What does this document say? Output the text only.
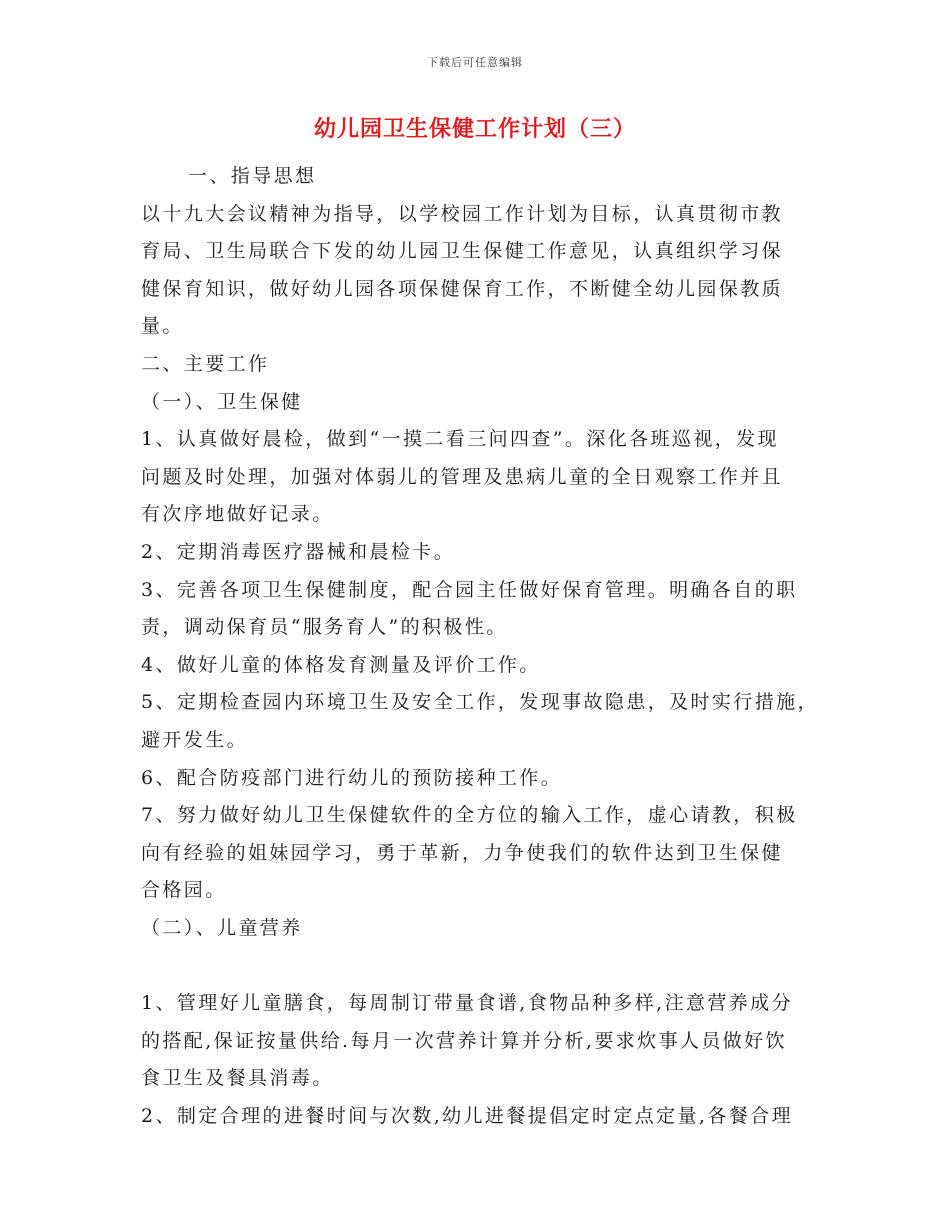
下载后可任意编辑
幼儿园卫生保健工作计划（三）
一、指导思想
以十九大会议精神为指导，以学校园工作计划为目标，认真贯彻市教
育局、卫生局联合下发的幼儿园卫生保健工作意见，认真组织学习保
健保育知识，做好幼儿园各项保健保育工作，不断健全幼儿园保教质
量。
二、主要工作
（一）、卫生保健
1、认真做好晨检，做到“一摸二看三问四查”。深化各班巡视，发现
问题及时处理，加强对体弱儿的管理及患病儿童的全日观察工作并且
有次序地做好记录。
2、定期消毒医疗器械和晨检卡。
3、完善各项卫生保健制度，配合园主任做好保育管理。明确各自的职
责，调动保育员“服务育人”的积极性。
4、做好儿童的体格发育测量及评价工作。
5、定期检查园内环境卫生及安全工作，发现事故隐患，及时实行措施，
避开发生。
6、配合防疫部门进行幼儿的预防接种工作。
7、努力做好幼儿卫生保健软件的全方位的输入工作，虚心请教，积极
向有经验的姐妹园学习，勇于革新，力争使我们的软件达到卫生保健
合格园。
（二）、儿童营养
1、管理好儿童膳食，每周制订带量食谱,食物品种多样,注意营养成分
的搭配,保证按量供给.每月一次营养计算并分析,要求炊事人员做好饮
食卫生及餐具消毒。
2、制定合理的进餐时间与次数,幼儿进餐提倡定时定点定量,各餐合理
